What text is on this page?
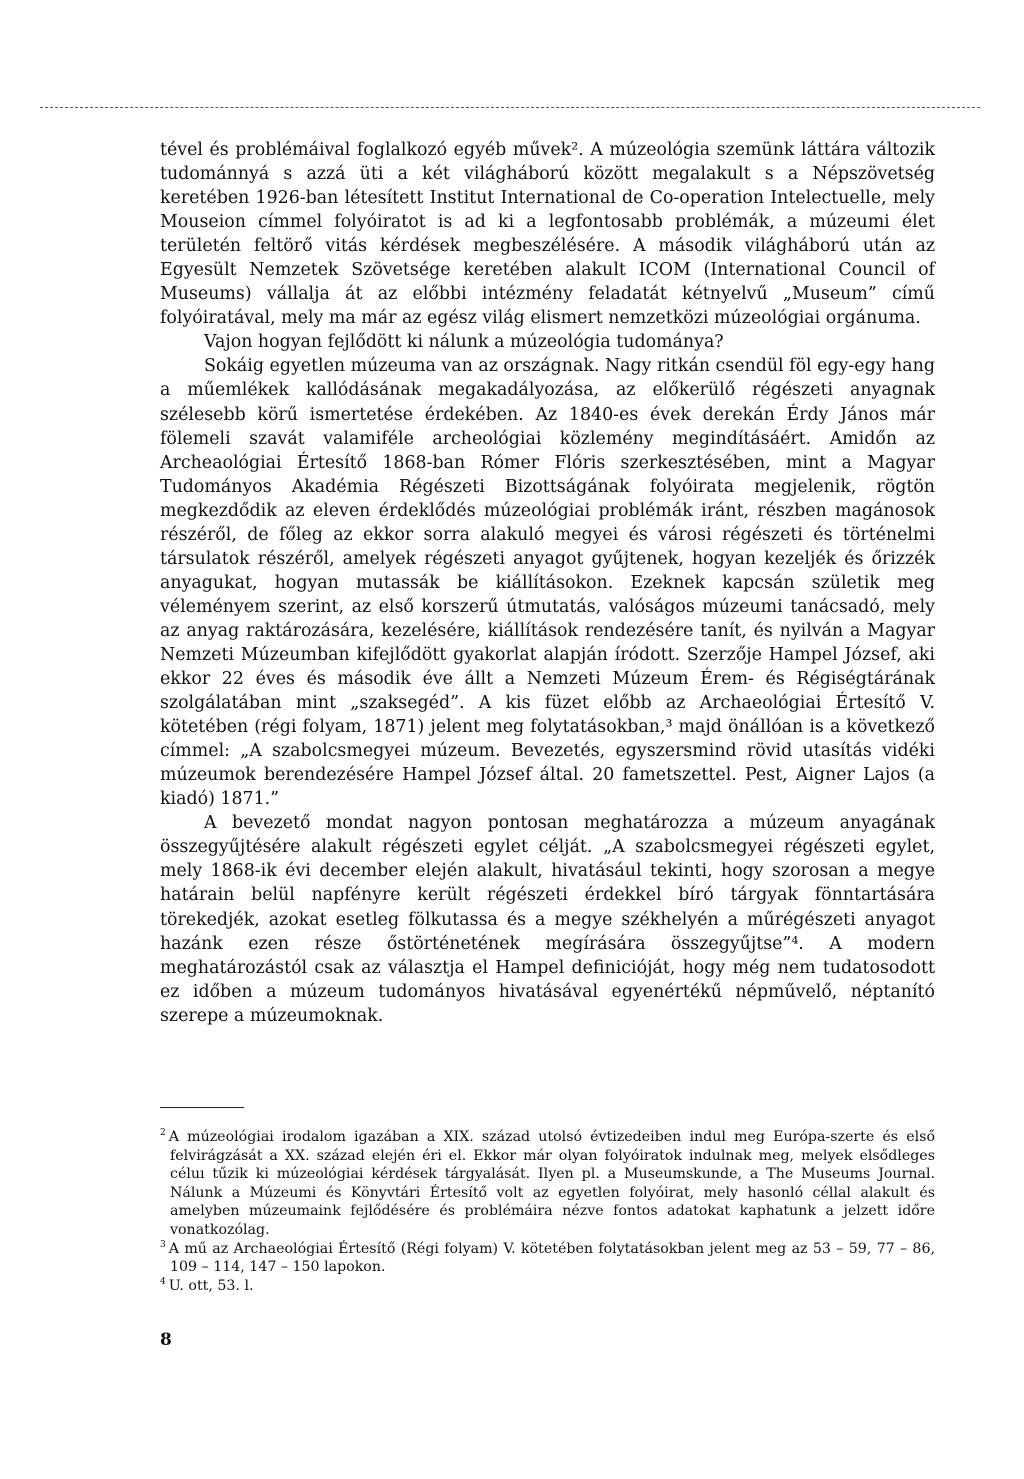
tével és problémáival foglalkozó egyéb művek². A múzeológia szemünk láttára változik tudománnyá s azzá üti a két világháború között megalakult s a Népszövetség keretében 1926-ban létesített Institut International de Co-operation Intelectuelle, mely Mouseion címmel folyóiratot is ad ki a legfontosabb problémák, a múzeumi élet területén feltörő vitás kérdések megbeszélésére. A második világháború után az Egyesült Nemzetek Szövetsége keretében alakult ICOM (International Council of Museums) vállalja át az előbbi intézmény feladatát kétnyelvű „Museum” című folyóiratával, mely ma már az egész világ elismert nemzetközi múzeológiai orgánuma.

Vajon hogyan fejlődött ki nálunk a múzeológia tudománya?

Sokáig egyetlen múzeuma van az országnak. Nagy ritkán csendül föl egy-egy hang a műemlékek kallódásának megakadályozása, az előkerülő régészeti anyagnak szélesebb körű ismertetése érdekében. Az 1840-es évek derekán Érdy János már fölemeli szavát valamiféle archeológiai közlemény megindításáért. Amidőn az Archeaológiai Értesítő 1868-ban Rómer Flóris szerkesztésében, mint a Magyar Tudományos Akadémia Régészeti Bizottságának folyóirata megjelenik, rögtön megkezdődik az eleven érdeklődés múzeológiai problémák iránt, részben magánosok részéről, de főleg az ekkor sorra alakuló megyei és városi régészeti és történelmi társulatok részéről, amelyek régészeti anyagot gyűjtenek, hogyan kezeljék és őrizzék anyagukat, hogyan mutassák be kiállításokon. Ezeknek kapcsán születik meg véleményem szerint, az első korszerű útmutatás, valóságos múzeumi tanácsadó, mely az anyag raktározására, kezelésére, kiállítások rendezésére tanít, és nyilván a Magyar Nemzeti Múzeumban kifejlődött gyakorlat alapján íródott. Szerzője Hampel József, aki ekkor 22 éves és második éve állt a Nemzeti Múzeum Érem- és Régiségtárának szolgálatában mint „szaksegéd”. A kis füzet előbb az Archaeológiai Értesítő V. kötetében (régi folyam, 1871) jelent meg folytatásokban,³ majd önállóan is a következő címmel: „A szabolcsmegyei múzeum. Bevezetés, egyszersmind rövid utasítás vidéki múzeumok berendezésére Hampel József által. 20 fametszettel. Pest, Aigner Lajos (a kiadó) 1871.”

A bevezető mondat nagyon pontosan meghatározza a múzeum anyagának összegyűjtésére alakult régészeti egylet célját. „A szabolcsmegyei régészeti egylet, mely 1868-ik évi december elején alakult, hivatásául tekinti, hogy szorosan a megye határain belül napfényre került régészeti érdekkel bíró tárgyak fönntartására törekedjék, azokat esetleg fölkutassa és a megye székhelyén a műrégészeti anyagot hazánk ezen része őstörténetének megírására összegyűjtse”⁴. A modern meghatározástól csak az választja el Hampel definicióját, hogy még nem tudatosodott ez időben a múzeum tudományos hivatásával egyenértékű népművelő, néptanító szerepe a múzeumoknak.

$^2$ A múzeológiai irodalom igazában a XIX. század utolsó évtizedeiben indul meg Európa-szerte és első felvirágzását a XX. század elején éri el. Ekkor már olyan folyóiratok indulnak meg, melyek elsődleges céluı tűzik ki múzeológiai kérdések tárgyalását. Ilyen pl. a Museumskunde, a The Museums Journal. Nálunk a Múzeumi és Könyvtári Értesítő volt az egyetlen folyóirat, mely hasonló céllal alakult és amelyben múzeumaink fejlődésére és problémáira nézve fontos adatokat kaphatunk a jelzett időre vonatkozólag.

$^3$ A mű az Archaeológiai Értesítő (Régi folyam) V. kötetében folytatásokban jelent meg az 53 – 59, 77 – 86, 109 – 114, 147 – 150 lapokon.

$^4$ U. ott, 53. l.

8
